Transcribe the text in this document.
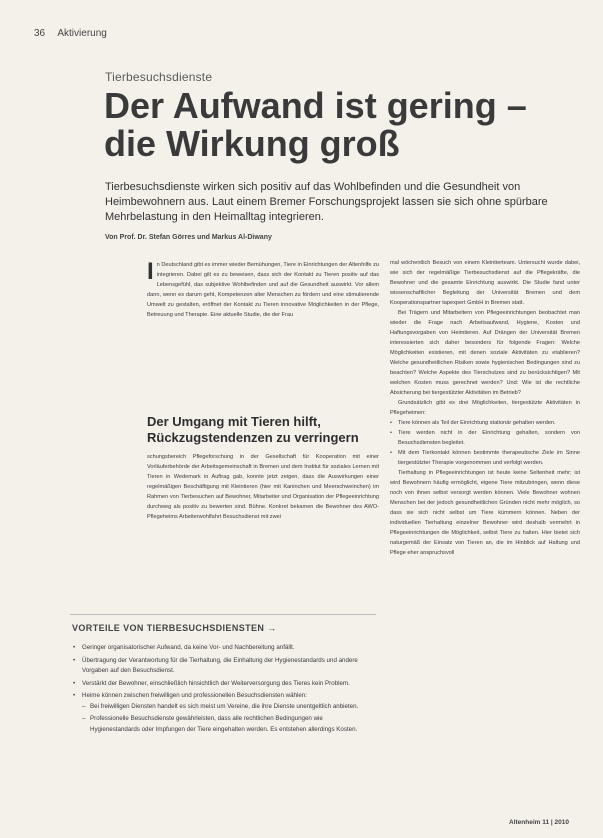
36 Aktivierung
Tierbesuchsdienste
Der Aufwand ist gering –
die Wirkung groß

Tierbesuchsdienste wirken sich positiv auf das Wohlbefinden und die Gesundheit von Heimbewohnern aus. Laut einem Bremer Forschungsprojekt lassen sie sich ohne spürbare Mehrbelastung in den Heimalltag integrieren.

Von Prof. Dr. Stefan Görres und Markus Al-Diwany
I n Deutschland gibt es immer wieder Bemühungen, Tiere in Einrichtungen der Altenhilfe zu integrieren. Dabei gilt es zu beweisen, dass sich der Kontakt zu Tieren positiv auf das Lebensgefühl, das subjektive Wohlbefinden und auf die Gesundheit auswirkt. Vor allem dann, wenn es darum geht, Kompetenzen alter Menschen zu fördern und eine stimulierende Umwelt zu gestalten, eröffnet der Kontakt zu Tieren innovative Möglichkeiten in der Pflege, Betreuung und Therapie. Eine aktuelle Studie, die der Frau

Der Umgang mit Tieren hilft, Rückzugstendenzen zu verringern

schungsbereich Pflegeforschung in der Gesellschaft für Kooperation mit einer Vorläuferbehörde der Arbeitsgemeinschaft in Bremen und dem Institut für soziales Lernen mit Tieren in Wedemark in Auftrag gab, konnte jetzt zeigen, dass die Auswirkungen einer regelmäßigen Beschäftigung mit Kleintieren (hier mit Kaninchen und Meerschweinchen) im Rahmen von Tierbesuchen auf Bewohner, Mitarbeiter und Organisation der Pflegeeinrichtung durchweg als positiv zu bewerten sind. Bühne. Konkret bekamen die Bewohner des AWO-Pflegeheims Arbeiterwohlfahrt Besuchsdienst mit zwei

mal wöchentlich Besuch von einem Kleintierteam. Untersucht wurde dabei, wie sich der regelmäßige Tierbesuchsdienst auf die Pflegekräfte, die Bewohner und die gesamte Einrichtung auswirkt. Die Studie fand unter wissenschaftlicher Begleitung der Universität Bremen und dem Kooperationspartner tapexpert GmbH in Bremen statt.

Bei Trägern und Mitarbeitern von Pflegeeinrichtungen beobachtet man wieder die Frage nach Arbeitsaufwand, Hygiene, Kosten und Haftungsvorgaben von Heimtieren. Auf Drängen der Universität Bremen interessierten sich daher besonders für folgende Fragen: Welche Möglichkeiten existieren, mit denen soziale Aktivitäten zu etablieren? Welche gesundheitlichen Risiken sowie hygienischen Bedingungen sind zu beachten? Welche Aspekte des Tierschutzes sind zu berücksichtigen? Mit welchen Kosten muss gerechnet werden? Und: Wie ist die rechtliche Absicherung bei tiergestützter Aktivitäten im Betrieb?

Grundsätzlich gibt es drei Möglichkeiten, tiergestützte Aktivitäten in Pflegeheimen:

• Tiere können als Teil der Einrichtung stationär gehalten werden.
• Tiere werden nicht in der Einrichtung gehalten, sondern von Besuchsdiensten begleitet.
• Mit dem Tierkontakt können bestimmte therapeutische Ziele im Sinne tiergestützter Therapie vorgenommen und verfolgt werden.

Tierhaltung in Pflegeeinrichtungen ist heute keine Seltenheit mehr; ist wird Bewohnern häufig ermöglicht, eigene Tiere mitzubringen, wenn diese noch von ihnen selbst versorgt werden können. Viele Bewohner wohnen Menschen bei der jedoch gesundheitlichen Gründen nicht mehr möglich, so dass sie sich nicht selbst um Tiere kümmern können. Neben der individuellen Tierhaltung einzelner Bewohner wird deshalb vermehrt in Pflegeeinrichtungen die Möglichkeit, selbst Tiere zu halten. Hier bietet sich naturgemäß der Einsatz von Tieren an, die im Hinblick auf Haltung und Pflege eher anspruchsvoll

VORTEILE VON TIERBESUCHSDIENSTEN →
• Geringer organisatorischer Aufwand, da keine Vor- und Nachbereitung anfällt.
• Übertragung der Verantwortung für die Tierhaltung, die Einhaltung der Hygienestandards und andere Vorgaben auf den Besuchsdienst.
• Verstärkt der Bewohner, einschließlich hinsichtlich der Weiterversorgung des Tieres kein Problem.
• Heime können zwischen freiwilligen und professionellen Besuchsdiensten wählen:
– Bei freiwilligen Diensten handelt es sich meist um Vereine, die ihre Dienste unentgeltlich anbieten.
– Professionelle Besuchsdienste gewährleisten, dass alle rechtlichen Bedingungen wie Hygienestandards oder Impfungen der Tiere eingehalten werden. Es entstehen allerdings Kosten.
Altenheim 11 | 2010
